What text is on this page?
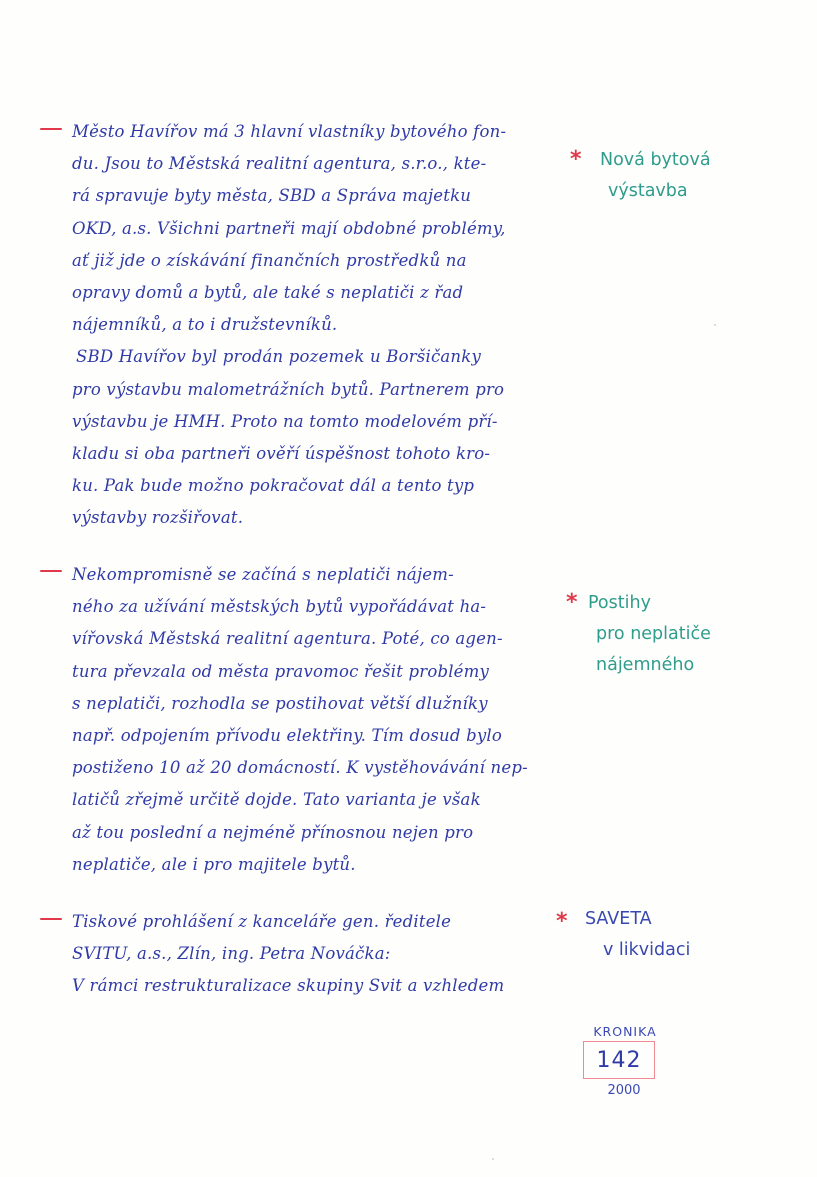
Město Havířov má 3 hlavní vlastníky bytového fon-
du. Jsou to Městská realitní agentura, s.r.o., kte-
rá spravuje byty města, SBD a Správa majetku
OKD, a.s. Všichni partneři mají obdobné problémy,
ať již jde o získávání finančních prostředků na
opravy domů a bytů, ale také s neplatiči z řad
nájemníků, a to i družstevníků.
SBD Havířov byl prodán pozemek u Boršičanky
pro výstavbu malometrážních bytů. Partnerem pro
výstavbu je HMH. Proto na tomto modelovém pří-
kladu si oba partneři ověří úspěšnost tohoto kro-
ku. Pak bude možno pokračovat dál a tento typ
výstavby rozšiřovat.
Nekompromisně se začíná s neplatiči nájem-
ného za užívání městských bytů vypořádávat ha-
vířovská Městská realitní agentura. Poté, co agen-
tura převzala od města pravomoc řešit problémy
s neplatiči, rozhodla se postihovat větší dlužníky
např. odpojením přívodu elektřiny. Tím dosud bylo
postiženo 10 až 20 domácností. K vystěhovávání nep-
latičů zřejmě určitě dojde. Tato varianta je však
až tou poslední a nejméně přínosnou nejen pro
neplatiče, ale i pro majitele bytů.
Tiskové prohlášení z kanceláře gen. ředitele
SVITU, a.s., Zlín, ing. Petra Nováčka:
V rámci restrukturalizace skupiny Svit a vzhledem
* Nová bytová
výstavba
* Postihy
pro neplatiče
nájemného
* SAVETA
v likvidaci
KRONIKA
142
2000
